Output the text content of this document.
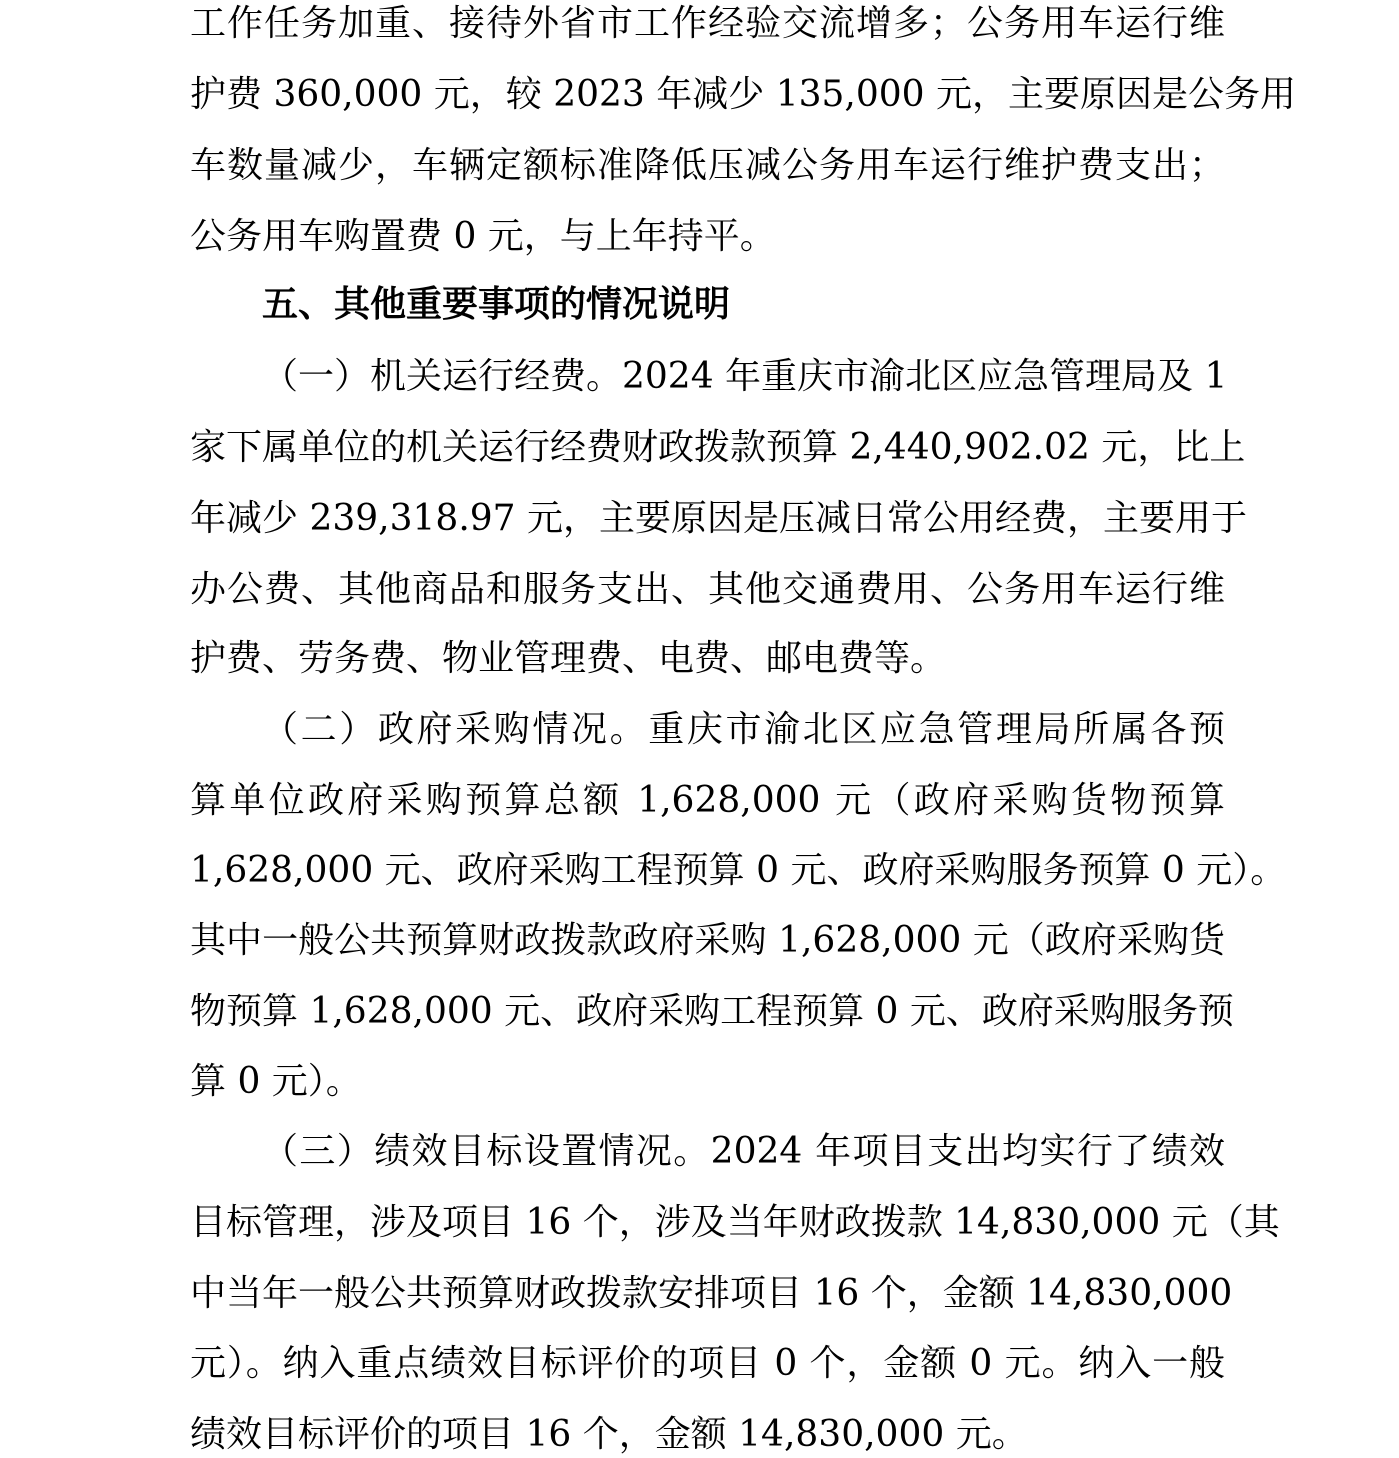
工作任务加重、接待外省市工作经验交流增多；公务用车运行维
护费 360,000 元，较 2023 年减少 135,000 元，主要原因是公务用
车数量减少，车辆定额标准降低压减公务用车运行维护费支出；
公务用车购置费 0 元，与上年持平。
五、其他重要事项的情况说明
（一）机关运行经费。2024 年重庆市渝北区应急管理局及 1
家下属单位的机关运行经费财政拨款预算 2,440,902.02 元，比上
年减少 239,318.97 元，主要原因是压减日常公用经费，主要用于
办公费、其他商品和服务支出、其他交通费用、公务用车运行维
护费、劳务费、物业管理费、电费、邮电费等。
（二）政府采购情况。重庆市渝北区应急管理局所属各预
算单位政府采购预算总额 1,628,000 元（政府采购货物预算
1,628,000 元、政府采购工程预算 0 元、政府采购服务预算 0 元）。
其中一般公共预算财政拨款政府采购 1,628,000 元（政府采购货
物预算 1,628,000 元、政府采购工程预算 0 元、政府采购服务预
算 0 元）。
（三）绩效目标设置情况。2024 年项目支出均实行了绩效
目标管理，涉及项目 16 个，涉及当年财政拨款 14,830,000 元（其
中当年一般公共预算财政拨款安排项目 16 个，金额 14,830,000
元）。纳入重点绩效目标评价的项目 0 个，金额 0 元。纳入一般
绩效目标评价的项目 16 个，金额 14,830,000 元。
